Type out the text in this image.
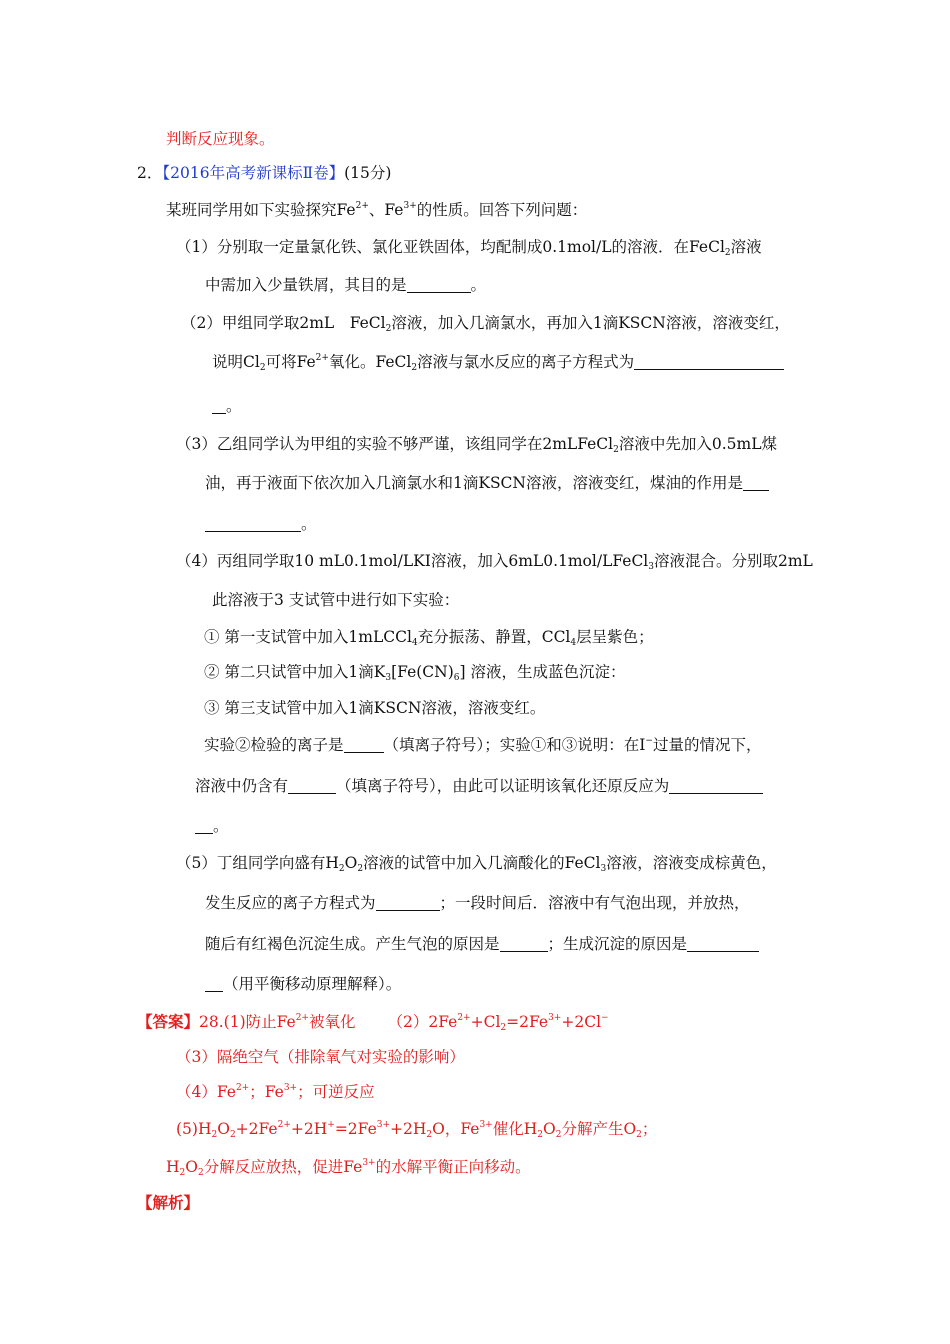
判断反应现象。
2．【2016年高考新课标Ⅱ卷】(15分)
某班同学用如下实验探究$Fe^{2+}$、$Fe^{3+}$的性质。回答下列问题：
（1）分别取一定量氯化铁、氯化亚铁固体，均配制成0.1mol/L的溶液．在FeCl$_2$溶液
中需加入少量铁屑，其目的是	。
（2）甲组同学取2mL　FeCl$_2$溶液，加入几滴氯水，再加入1滴KSCN溶液，溶液变红，
说明$Cl_2$可将$Fe^{2+}$氧化。FeCl$_2$溶液与氯水反应的离子方程式为
。
（3）乙组同学认为甲组的实验不够严谨，该组同学在2mLFeCl$_2$溶液中先加入0.5mL煤
油，再于液面下依次加入几滴氯水和1滴KSCN溶液，溶液变红，煤油的作用是
。
（4）丙组同学取10 mL0.1mol/LKI溶液，加入6mL0.1mol/LFeCl$_3$溶液混合。分别取2mL
此溶液于3 支试管中进行如下实验：
① 第一支试管中加入1mLCCl$_4$充分振荡、静置，CCl$_4$层呈紫色；
② 第二只试管中加入1滴$K_3[Fe(CN)_6]$ 溶液，生成蓝色沉淀：
③ 第三支试管中加入1滴KSCN溶液，溶液变红。
实验②检验的离子是	（填离子符号）；实验①和③说明：在I−过量的情况下，
溶液中仍含有	（填离子符号），由此可以证明该氧化还原反应为
。
（5）丁组同学向盛有$H_2O_2$溶液的试管中加入几滴酸化的FeCl$_3$溶液，溶液变成棕黄色，
发生反应的离子方程式为	；一段时间后．溶液中有气泡出现，并放热，
随后有红褐色沉淀生成。产生气泡的原因是	；生成沉淀的原因是
（用平衡移动原理解释）。
【答案】28.(1)防止$Fe^{2+}$被氧化 $(2)2Fe^{2+}+Cl_2=2Fe^{3+}+2Cl^-$
（3）隔绝空气（排除氧气对实验的影响）
$(4)Fe^{2+}$；$Fe^{3+}$；可逆反应
$(5)H_2O_2+2Fe^{2+}+2H^+=2Fe^{3+}+2H_2O$，$Fe^{3+}$催化$H_2O_2$分解产生$O_2$；
$H_2O_2$分解反应放热，促进$Fe^{3+}$的水解平衡正向移动。
【解析】
